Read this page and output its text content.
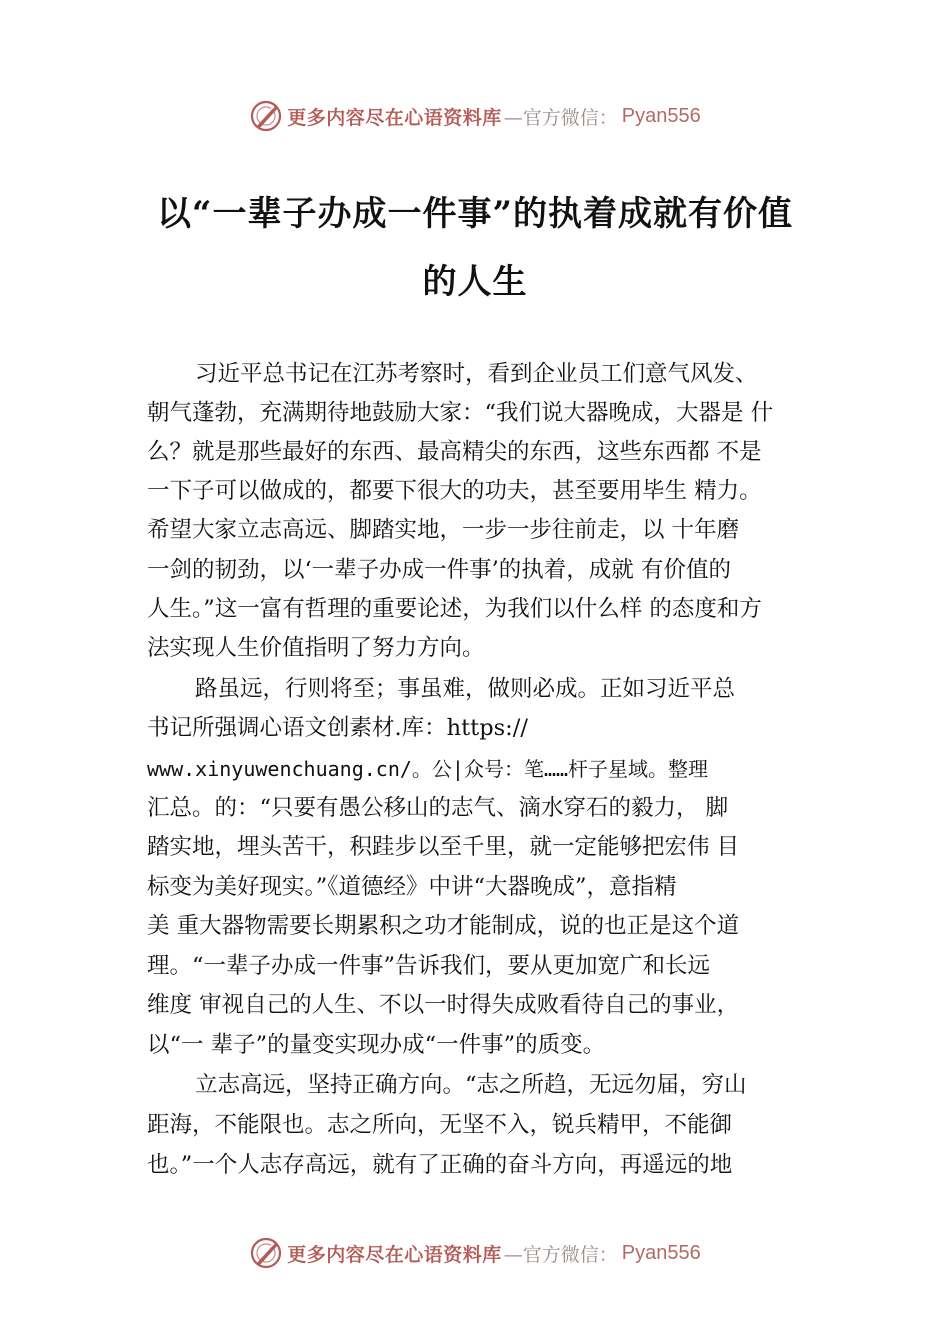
更多内容尽在心语资料库 —官方微信： Pyan556
以“一辈子办成一件事”的执着成就有价值
的人生

习近平总书记在江苏考察时，看到企业员工们意气风发、

朝气蓬勃，充满期待地鼓励大家：“我们说大器晚成，大器是 什

么？就是那些最好的东西、最高精尖的东西，这些东西都 不是

一下子可以做成的，都要下很大的功夫，甚至要用毕生 精力。

希望大家立志高远、脚踏实地，一步一步往前走，以 十年磨

一剑的韧劲，以‘一辈子办成一件事’的执着，成就 有价值的

人生。”这一富有哲理的重要论述，为我们以什么样 的态度和方

法实现人生价值指明了努力方向。

路虽远，行则将至；事虽难，做则必成。正如习近平总

书记所强调心语文创素材.库：https://

www.xinyuwenchuang.cn/。公|众号：笔……杆子星域。整理

汇总。的：“只要有愚公移山的志气、滴水穿石的毅力， 脚

踏实地，埋头苦干，积跬步以至千里，就一定能够把宏伟 目

标变为美好现实。”《道德经》中讲“大器晚成”，意指精

美 重大器物需要长期累积之功才能制成，说的也正是这个道

理。“一辈子办成一件事”告诉我们，要从更加宽广和长远

维度 审视自己的人生、不以一时得失成败看待自己的事业，

以“一 辈子”的量变实现办成“一件事”的质变。

立志高远，坚持正确方向。“志之所趋，无远勿届，穷山

距海，不能限也。志之所向，无坚不入，锐兵精甲，不能御

也。”一个人志存高远，就有了正确的奋斗方向，再遥远的地

更多内容尽在心语资料库 —官方微信： Pyan556
